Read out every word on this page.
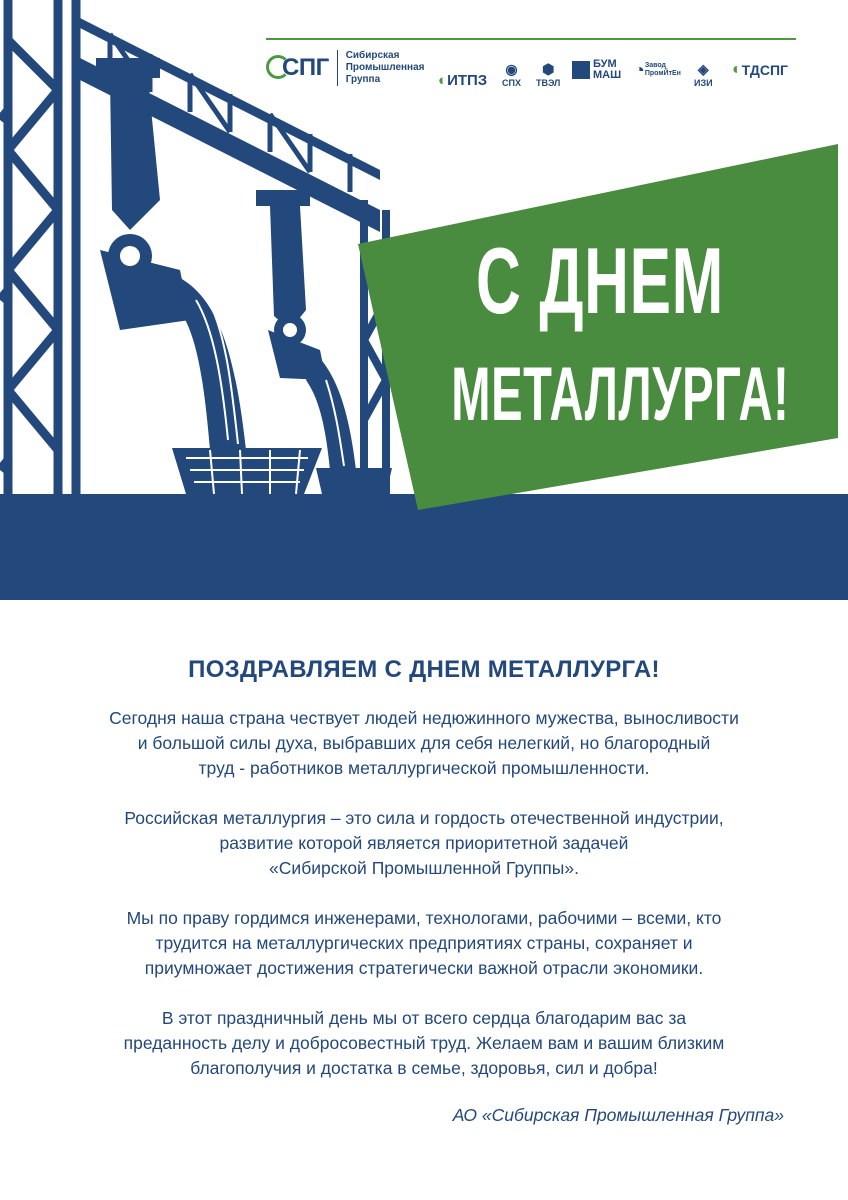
С ДНЕМ
МЕТАЛЛУРГА!
СПГ Сибирская
Промышленная
Группа	◐ИТПЗ
◉
СПХ
⬢
ТВЭЛ
БУМ
МАШ ◔ Завод ПромЙтЕн ◈
ИЗИ
◐ ТДСПГ
ПОЗДРАВЛЯЕМ С ДНЕМ МЕТАЛЛУРГА!
Сегодня наша страна чествует людей недюжинного мужества, выносливости
и большой силы духа, выбравших для себя нелегкий, но благородный
труд - работников металлургической промышленности.
Российская металлургия – это сила и гордость отечественной индустрии,
развитие которой является приоритетной задачей
«Сибирской Промышленной Группы».
Мы по праву гордимся инженерами, технологами, рабочими – всеми, кто
трудится на металлургических предприятиях страны, сохраняет и
приумножает достижения стратегически важной отрасли экономики.
В этот праздничный день мы от всего сердца благодарим вас за
преданность делу и добросовестный труд. Желаем вам и вашим близким
благополучия и достатка в семье, здоровья, сил и добра!
АО «Сибирская Промышленная Группа»
